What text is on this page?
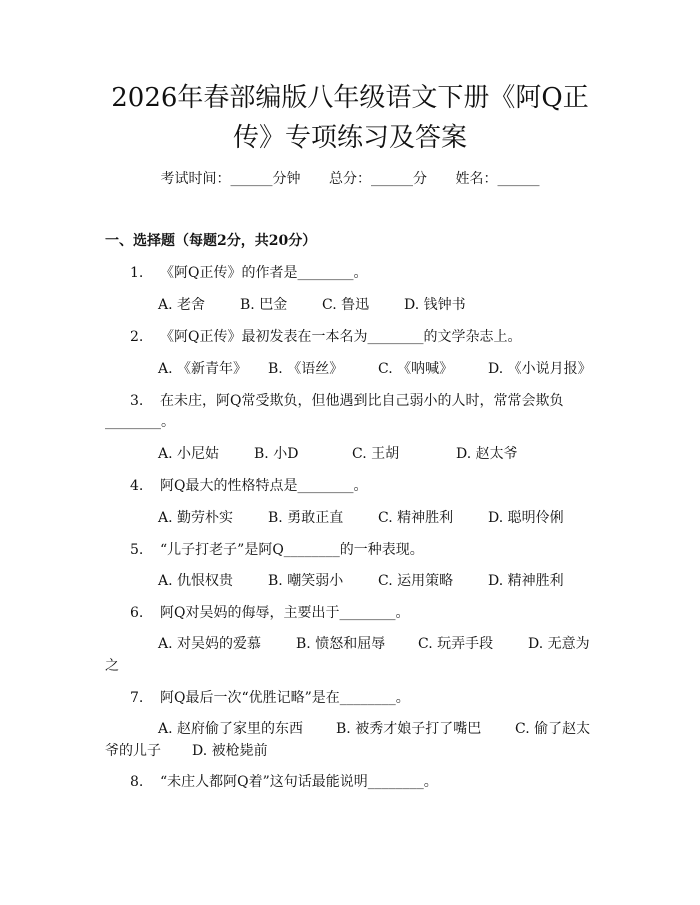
2026年春部编版八年级语文下册《阿Q正
传》专项练习及答案
考试时间：______分钟 总分：______分 姓名：______
一、选择题（每题2分，共20分）
1. 《阿Q正传》的作者是________。
A. 老舍 B. 巴金 C. 鲁迅 D. 钱钟书
2. 《阿Q正传》最初发表在一本名为________的文学杂志上。
A. 《新青年》 B. 《语丝》 C. 《呐喊》 D. 《小说月报》
3. 在未庄，阿Q常受欺负，但他遇到比自己弱小的人时，常常会欺负
________。
A. 小尼姑 B. 小D	C. 王胡	D. 赵太爷
4. 阿Q最大的性格特点是________。
A. 勤劳朴实 B. 勇敢正直 C. 精神胜利 D. 聪明伶俐
5. “儿子打老子”是阿Q________的一种表现。
A. 仇恨权贵 B. 嘲笑弱小 C. 运用策略 D. 精神胜利
6. 阿Q对吴妈的侮辱，主要出于________。
A. 对吴妈的爱慕 B. 愤怒和屈辱 C. 玩弄手段 D. 无意为
之
7. 阿Q最后一次“优胜记略”是在________。
A. 赵府偷了家里的东西 B. 被秀才娘子打了嘴巴 C. 偷了赵太
爷的儿子 D. 被枪毙前
8. “未庄人都阿Q着”这句话最能说明________。
